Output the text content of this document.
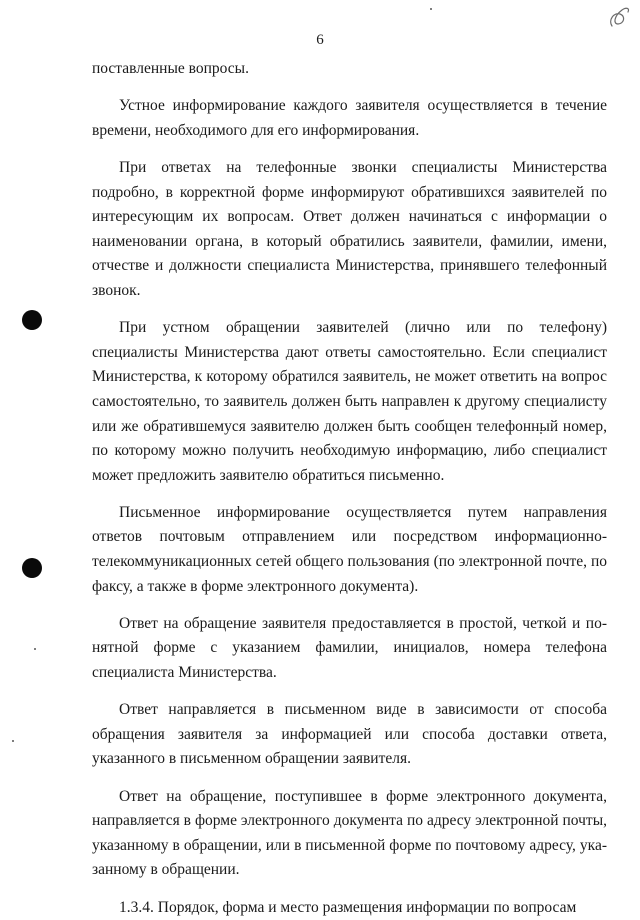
6

поставленные вопросы.

Устное информирование каждого заявителя осуществляется в течение времени, необходимого для его информирования.

При ответах на телефонные звонки специалисты Министерства подробно, в корректной форме информируют обратившихся заявителей по интересующим их вопросам. Ответ должен начинаться с информации о наименовании органа, в который обратились заявители, фамилии, имени, отчестве и должности специалиста Министерства, принявшего телефонный звонок.

При устном обращении заявителей (лично или по телефону) специалисты Министерства дают ответы самостоятельно. Если специалист Министерства, к которому обратился заявитель, не может ответить на вопрос самостоятельно, то заявитель должен быть направлен к другому специалисту или же обратившемуся заявителю должен быть сообщен телефонный номер, по которому можно получить необходимую информацию, либо специалист может предложить заявителю обратиться письменно.

Письменное информирование осуществляется путем направления ответов почтовым отправлением или посредством информационно-телекоммуникационных сетей общего пользования (по электронной почте, по факсу, а также в форме электронного документа).

Ответ на обращение заявителя предоставляется в простой, четкой и понятной форме с указанием фамилии, инициалов, номера телефона специалиста Министерства.

Ответ направляется в письменном виде в зависимости от способа обращения заявителя за информацией или способа доставки ответа, указанного в письменном обращении заявителя.

Ответ на обращение, поступившее в форме электронного документа, направляется в форме электронного документа по адресу электронной почты, указанному в обращении, или в письменной форме по почтовому адресу, указанному в обращении.

1.3.4. Порядок, форма и место размещения информации по вопросам
